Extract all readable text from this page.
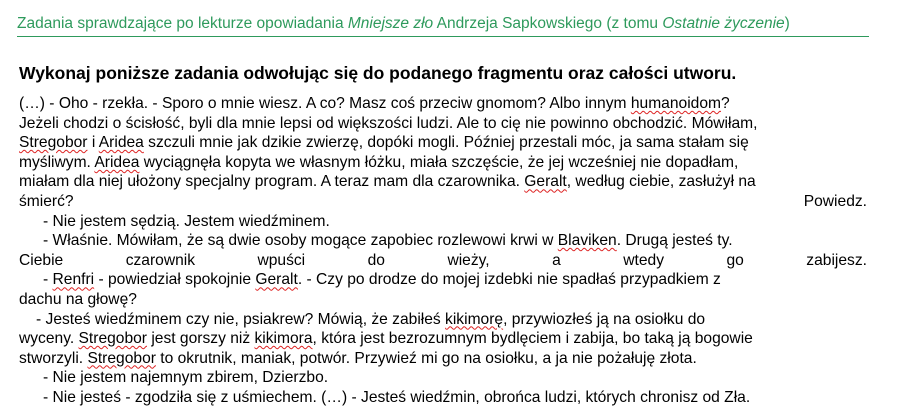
Zadania sprawdzające po lekturze opowiadania Mniejsze zło Andrzeja Sapkowskiego (z tomu Ostatnie życzenie)
Wykonaj poniższe zadania odwołując się do podanego fragmentu oraz całości utworu.
(…) - Oho - rzekła. - Sporo o mnie wiesz. A co? Masz coś przeciw gnomom? Albo innym humanoidom?
Jeżeli chodzi o ścisłość, byli dla mnie lepsi od większości ludzi. Ale to cię nie powinno obchodzić. Mówiłam,
Stregobor i Aridea szczuli mnie jak dzikie zwierzę, dopóki mogli. Później przestali móc, ja sama stałam się
myśliwym. Aridea wyciągnęła kopyta we własnym łóżku, miała szczęście, że jej wcześniej nie dopadłam,
miałam dla niej ułożony specjalny program. A teraz mam dla czarownika. Geralt, według ciebie, zasłużył na
śmierć?	Powiedz.
- Nie jestem sędzią. Jestem wiedźminem.
- Właśnie. Mówiłam, że są dwie osoby mogące zapobiec rozlewowi krwi w Blaviken. Drugą jesteś ty.
Ciebie	czarownik	wpuści	do	wieży,	a	wtedy	go	zabijesz.
- Renfri - powiedział spokojnie Geralt. - Czy po drodze do mojej izdebki nie spadłaś przypadkiem z
dachu na głowę?
- Jesteś wiedźminem czy nie, psiakrew? Mówią, że zabiłeś kikimorę, przywiozłeś ją na osiołku do
wyceny. Stregobor jest gorszy niż kikimora, która jest bezrozumnym bydlęciem i zabija, bo taką ją bogowie
stworzyli. Stregobor to okrutnik, maniak, potwór. Przywieź mi go na osiołku, a ja nie pożałuję złota.
- Nie jestem najemnym zbirem, Dzierzbo.
- Nie jesteś - zgodziła się z uśmiechem. (…) - Jesteś wiedźmin, obrońca ludzi, których chronisz od Zła.
